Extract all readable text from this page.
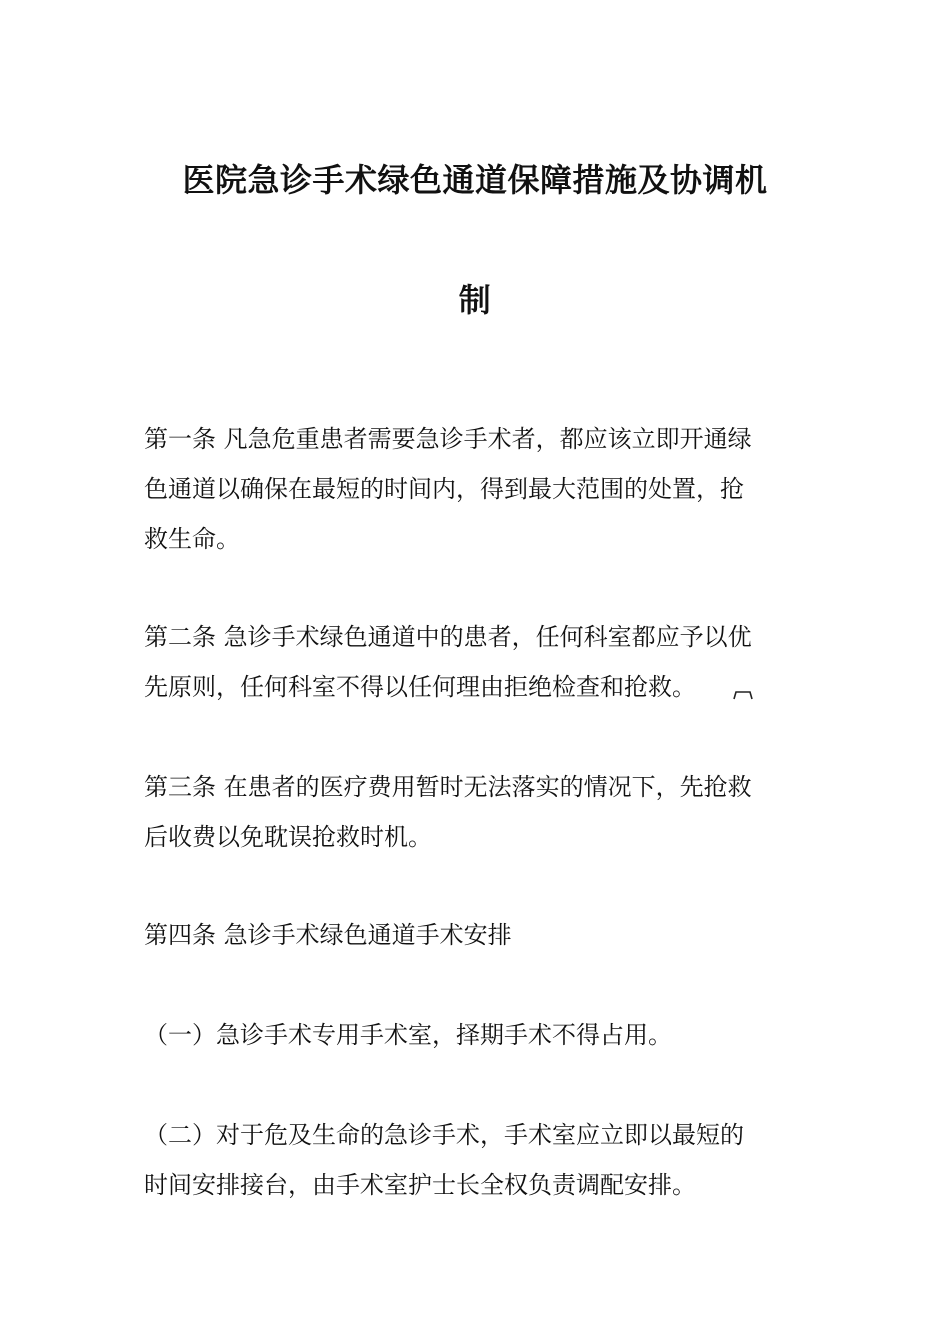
医院急诊手术绿色通道保障措施及协调机
制
第一条 凡急危重患者需要急诊手术者，都应该立即开通绿
色通道以确保在最短的时间内，得到最大范围的处置，抢
救生命。
第二条 急诊手术绿色通道中的患者，任何科室都应予以优
先原则，任何科室不得以任何理由拒绝检查和抢救。
第三条 在患者的医疗费用暂时无法落实的情况下，先抢救
后收费以免耽误抢救时机。
第四条 急诊手术绿色通道手术安排
（一）急诊手术专用手术室，择期手术不得占用。
（二）对于危及生命的急诊手术，手术室应立即以最短的
时间安排接台，由手术室护士长全权负责调配安排。
